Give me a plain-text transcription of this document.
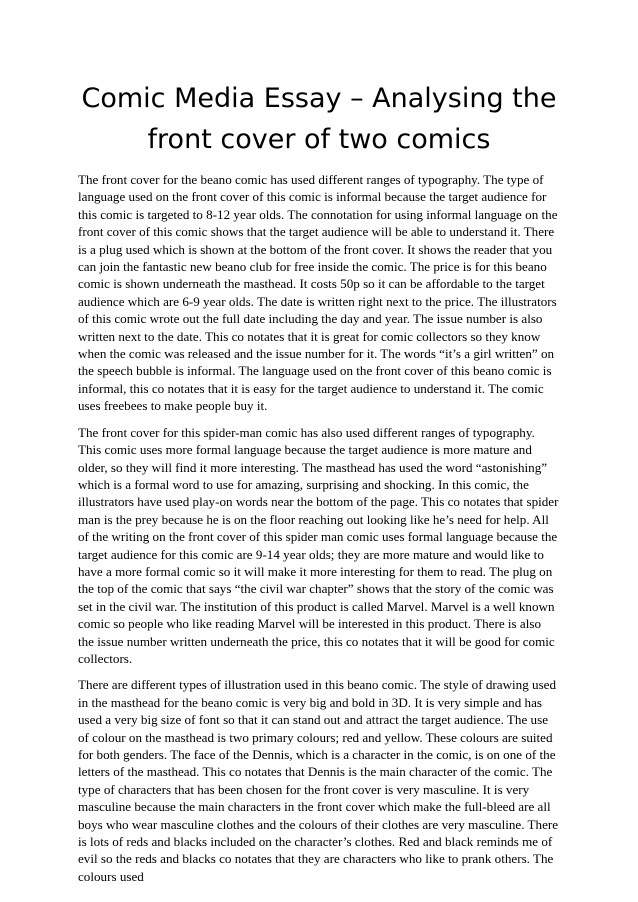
Comic Media Essay – Analysing the
front cover of two comics

The front cover for the beano comic has used different ranges of typography. The type of language used on the front cover of this comic is informal because the target audience for this comic is targeted to 8-12 year olds. The connotation for using informal language on the front cover of this comic shows that the target audience will be able to understand it. There is a plug used which is shown at the bottom of the front cover. It shows the reader that you can join the fantastic new beano club for free inside the comic. The price is for this beano comic is shown underneath the masthead. It costs 50p so it can be affordable to the target audience which are 6-9 year olds. The date is written right next to the price. The illustrators of this comic wrote out the full date including the day and year. The issue number is also written next to the date. This co notates that it is great for comic collectors so they know when the comic was released and the issue number for it. The words “it’s a girl written” on the speech bubble is informal. The language used on the front cover of this beano comic is informal, this co notates that it is easy for the target audience to understand it. The comic uses freebees to make people buy it.

The front cover for this spider-man comic has also used different ranges of typography. This comic uses more formal language because the target audience is more mature and older, so they will find it more interesting. The masthead has used the word “astonishing” which is a formal word to use for amazing, surprising and shocking. In this comic, the illustrators have used play-on words near the bottom of the page. This co notates that spider man is the prey because he is on the floor reaching out looking like he’s need for help. All of the writing on the front cover of this spider man comic uses formal language because the target audience for this comic are 9-14 year olds; they are more mature and would like to have a more formal comic so it will make it more interesting for them to read. The plug on the top of the comic that says “the civil war chapter” shows that the story of the comic was set in the civil war. The institution of this product is called Marvel. Marvel is a well known comic so people who like reading Marvel will be interested in this product. There is also the issue number written underneath the price, this co notates that it will be good for comic collectors.

There are different types of illustration used in this beano comic. The style of drawing used in the masthead for the beano comic is very big and bold in 3D. It is very simple and has used a very big size of font so that it can stand out and attract the target audience. The use of colour on the masthead is two primary colours; red and yellow. These colours are suited for both genders. The face of the Dennis, which is a character in the comic, is on one of the letters of the masthead. This co notates that Dennis is the main character of the comic. The type of characters that has been chosen for the front cover is very masculine. It is very masculine because the main characters in the front cover which make the full-bleed are all boys who wear masculine clothes and the colours of their clothes are very masculine. There is lots of reds and blacks included on the character’s clothes. Red and black reminds me of evil so the reds and blacks co notates that they are characters who like to prank others. The colours used
